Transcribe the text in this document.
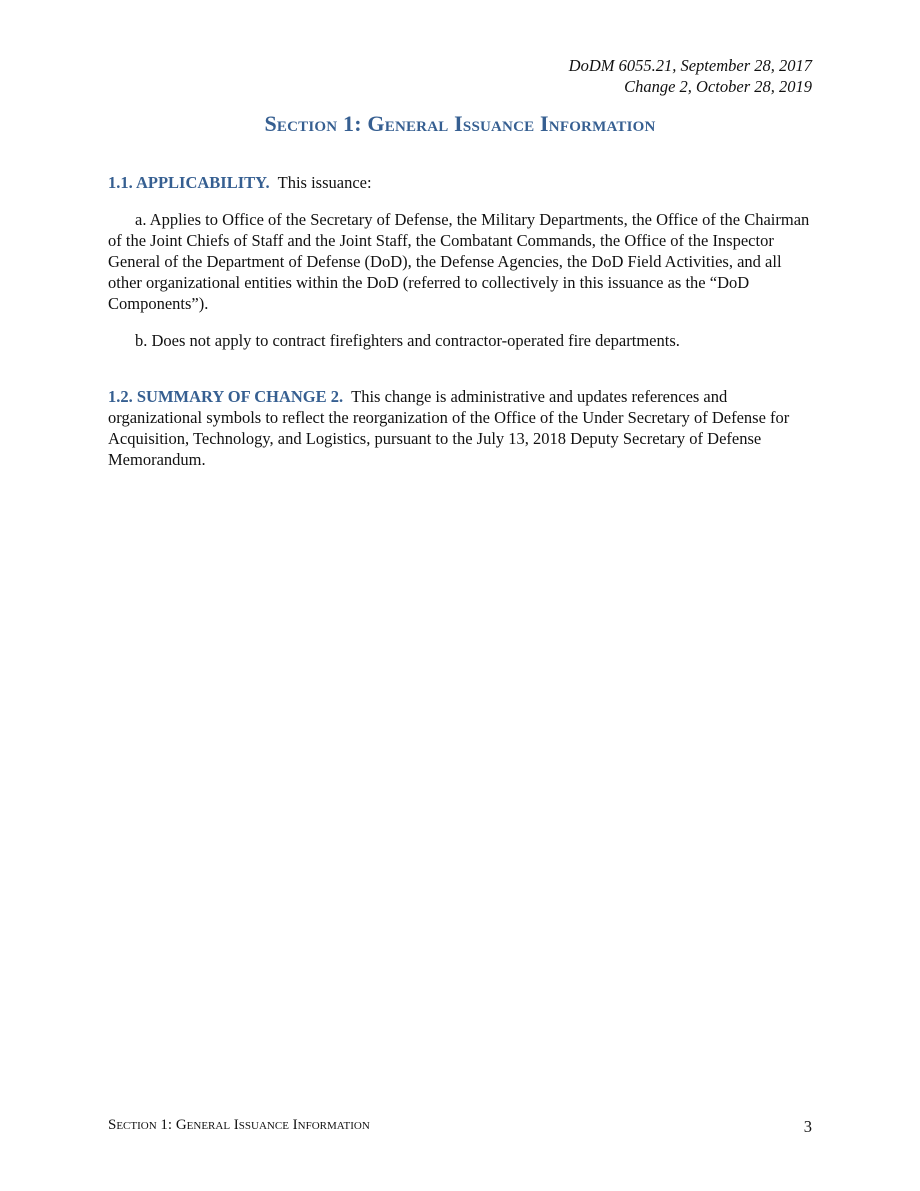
DoDM 6055.21, September 28, 2017
Change 2, October 28, 2019
Section 1: General Issuance Information

1.1. APPLICABILITY. This issuance:

a. Applies to Office of the Secretary of Defense, the Military Departments, the Office of the Chairman of the Joint Chiefs of Staff and the Joint Staff, the Combatant Commands, the Office of the Inspector General of the Department of Defense (DoD), the Defense Agencies, the DoD Field Activities, and all other organizational entities within the DoD (referred to collectively in this issuance as the “DoD Components”).

b. Does not apply to contract firefighters and contractor-operated fire departments.

1.2. SUMMARY OF CHANGE 2. This change is administrative and updates references and organizational symbols to reflect the reorganization of the Office of the Under Secretary of Defense for Acquisition, Technology, and Logistics, pursuant to the July 13, 2018 Deputy Secretary of Defense Memorandum.

Section 1: General Issuance Information	3
